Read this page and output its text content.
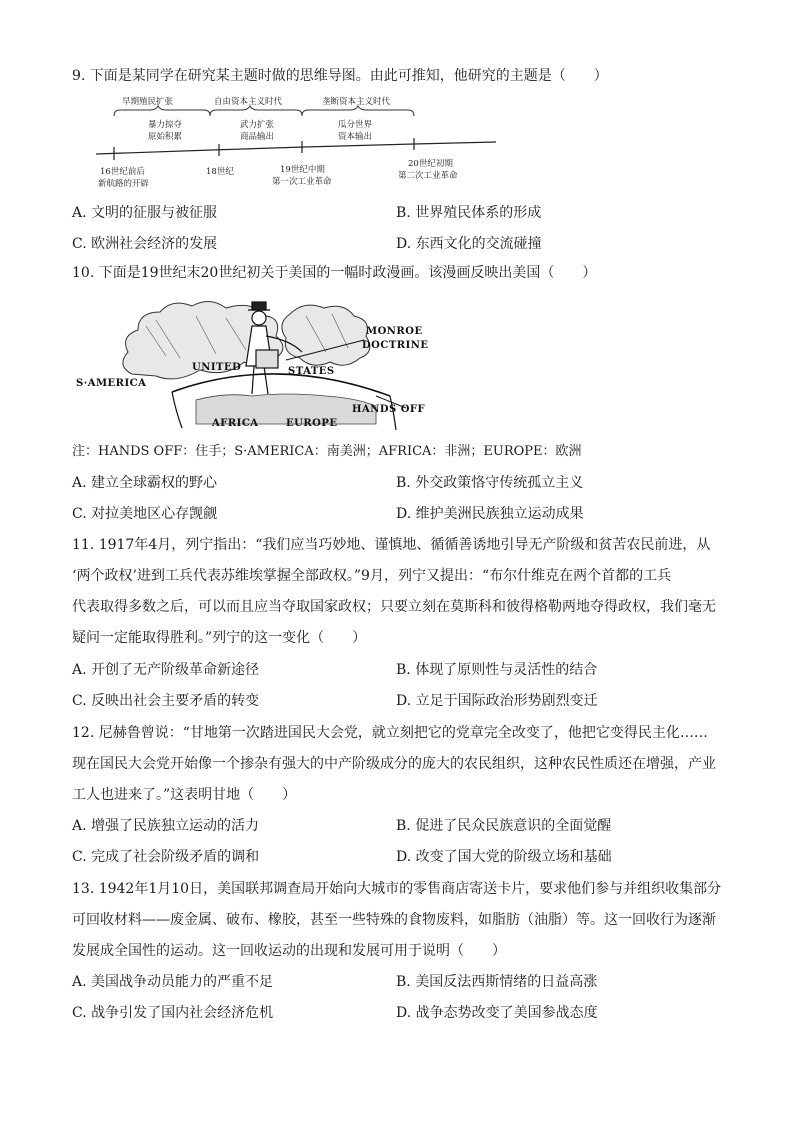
9. 下面是某同学在研究某主题时做的思维导图。由此可推知，他研究的主题是（　　）
早期殖民扩张	自由资本主义时代	垄断资本主义时代
暴力掠夺
原始积累
武力扩张
商品输出
瓜分世界
资本输出
16世纪前后
新航路的开辟
18世纪	19世纪中期
第一次工业革命
20世纪初期
第二次工业革命
A. 文明的征服与被征服	B. 世界殖民体系的形成
C. 欧洲社会经济的发展	D. 东西文化的交流碰撞
10. 下面是19世纪末20世纪初关于美国的一幅时政漫画。该漫画反映出美国（　　）
MONROE
DOCTRINE
UNITED	STATES
S·AMERICA
AFRICA	EUROPE
HANDS OFF
注：HANDS OFF：住手；S·AMERICA：南美洲；AFRICA：非洲；EUROPE：欧洲
A. 建立全球霸权的野心	B. 外交政策恪守传统孤立主义
C. 对拉美地区心存觊觎	D. 维护美洲民族独立运动成果
11. 1917年4月，列宁指出：“我们应当巧妙地、谨慎地、循循善诱地引导无产阶级和贫苦农民前进，从
‘两个政权’进到工兵代表苏维埃掌握全部政权。”9月，列宁又提出：“布尔什维克在两个首都的工兵
代表取得多数之后，可以而且应当夺取国家政权；只要立刻在莫斯科和彼得格勒两地夺得政权，我们毫无
疑问一定能取得胜利。”列宁的这一变化（　　）
A. 开创了无产阶级革命新途径	B. 体现了原则性与灵活性的结合
C. 反映出社会主要矛盾的转变	D. 立足于国际政治形势剧烈变迁
12. 尼赫鲁曾说：“甘地第一次踏进国民大会党，就立刻把它的党章完全改变了，他把它变得民主化……
现在国民大会党开始像一个掺杂有强大的中产阶级成分的庞大的农民组织，这种农民性质还在增强，产业
工人也进来了。”这表明甘地（　　）
A. 增强了民族独立运动的活力	B. 促进了民众民族意识的全面觉醒
C. 完成了社会阶级矛盾的调和	D. 改变了国大党的阶级立场和基础
13. 1942年1月10日，美国联邦调查局开始向大城市的零售商店寄送卡片，要求他们参与并组织收集部分
可回收材料——废金属、破布、橡胶，甚至一些特殊的食物废料，如脂肪（油脂）等。这一回收行为逐渐
发展成全国性的运动。这一回收运动的出现和发展可用于说明（　　）
A. 美国战争动员能力的严重不足	B. 美国反法西斯情绪的日益高涨
C. 战争引发了国内社会经济危机	D. 战争态势改变了美国参战态度
